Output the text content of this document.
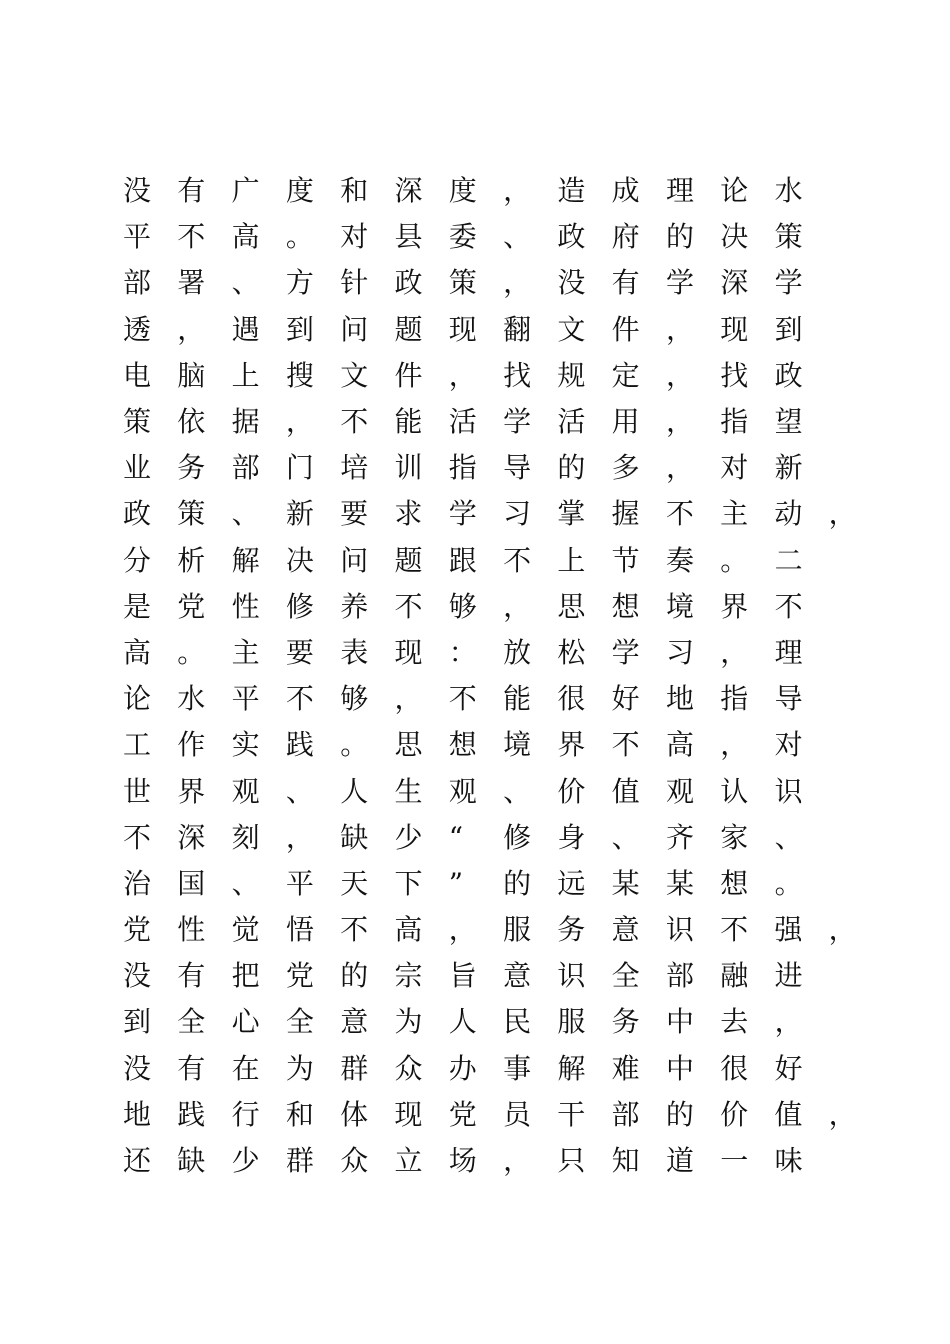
没 有 广 度 和 深 度 ， 造 成 理 论 水
平 不 高 。 对 县 委 、 政 府 的 决 策
部 署 、 方 针 政 策 ， 没 有 学 深 学
透 ， 遇 到 问 题 现 翻 文 件 ， 现 到
电 脑 上 搜 文 件 ， 找 规 定 ， 找 政
策 依 据 ， 不 能 活 学 活 用 ， 指 望
业 务 部 门 培 训 指 导 的 多 ， 对 新
政 策 、 新 要 求 学 习 掌 握 不 主 动 ，
分 析 解 决 问 题 跟 不 上 节 奏 。 二
是 党 性 修 养 不 够 ， 思 想 境 界 不
高 。 主 要 表 现 ： 放 松 学 习 ， 理
论 水 平 不 够 ， 不 能 很 好 地 指 导
工 作 实 践 。 思 想 境 界 不 高 ， 对
世 界 观 、 人 生 观 、 价 值 观 认 识
不 深 刻 ， 缺 少 “	修 身 、 齐 家 、
治 国 、 平 天 下 ”	的 远 某 某 想 。
党 性 觉 悟 不 高 ， 服 务 意 识 不 强 ，
没 有 把 党 的 宗 旨 意 识 全 部 融 进
到 全 心 全 意 为 人 民 服 务 中 去 ，
没 有 在 为 群 众 办 事 解 难 中 很 好
地 践 行 和 体 现 党 员 干 部 的 价 值 ，
还 缺 少 群 众 立 场 ， 只 知 道 一 味
